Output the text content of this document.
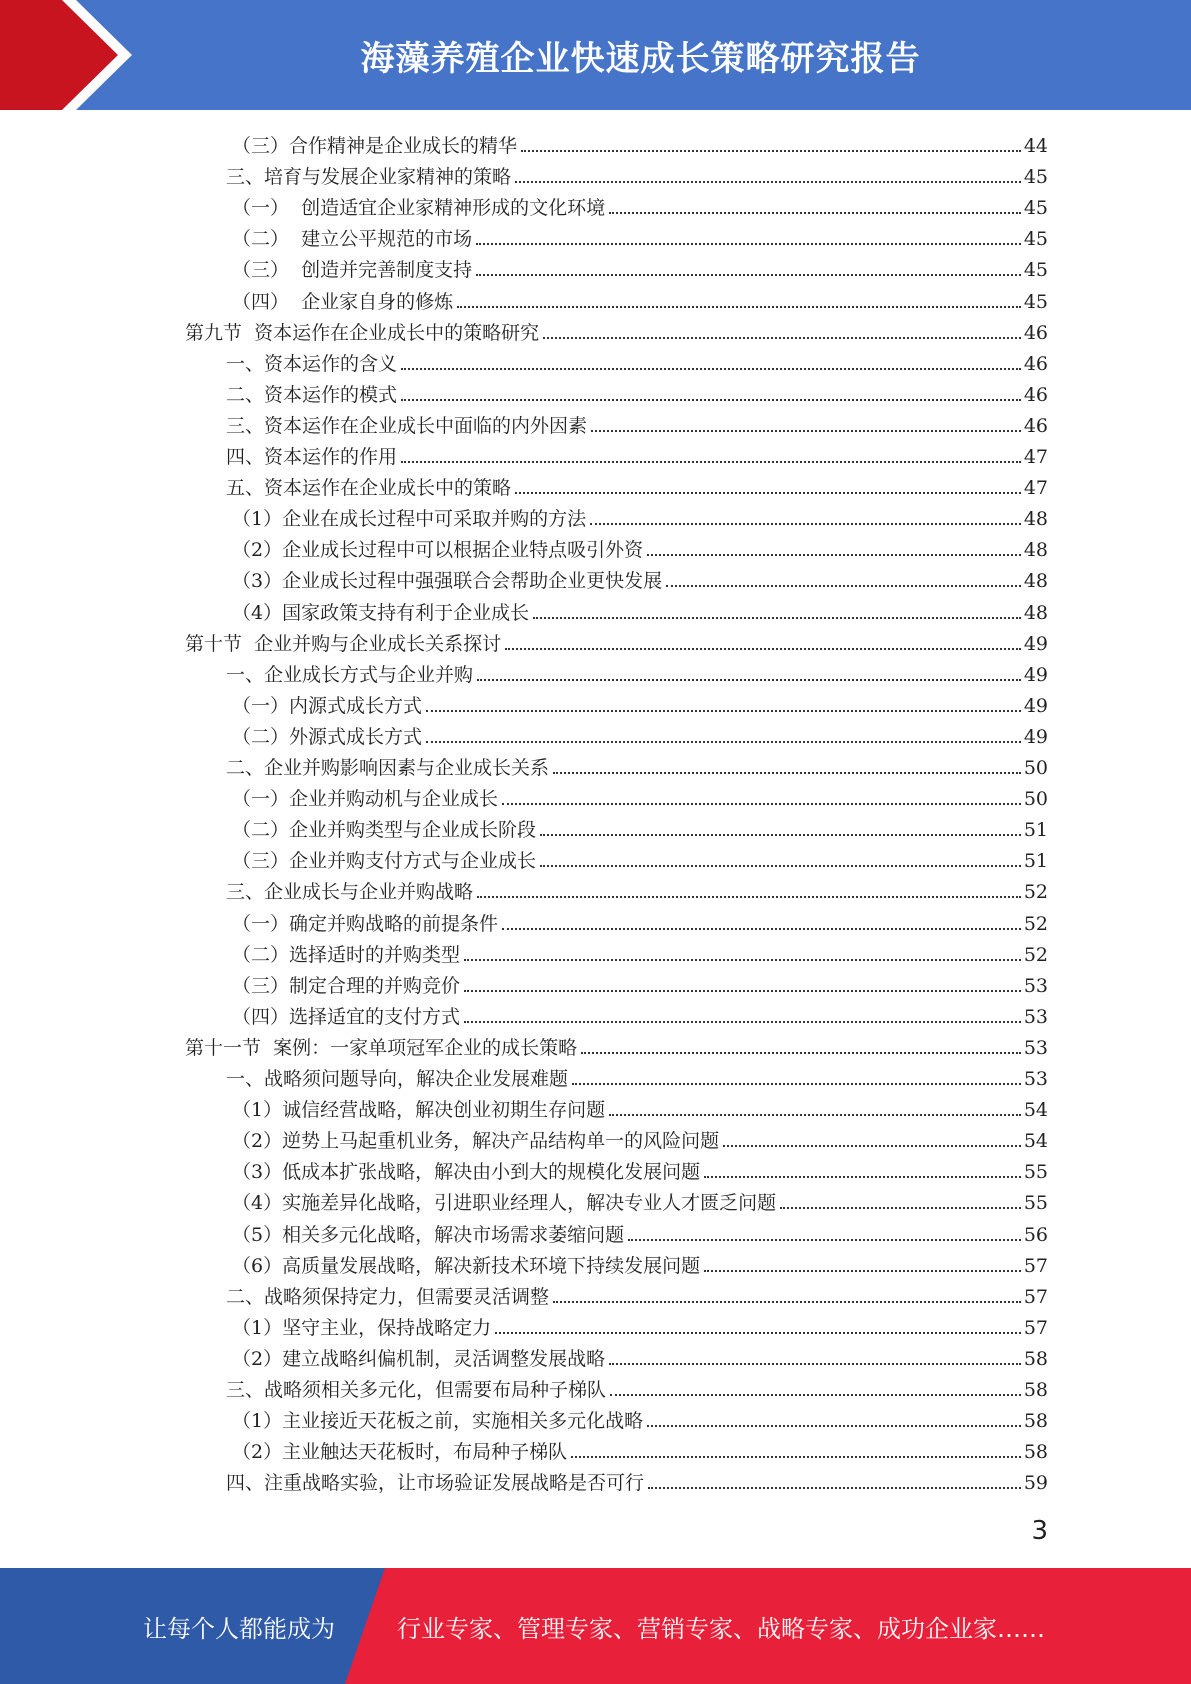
海藻养殖企业快速成长策略研究报告
（三）合作精神是企业成长的精华	44
三、培育与发展企业家精神的策略	45
（一）  创造适宜企业家精神形成的文化环境	45
（二）  建立公平规范的市场	45
（三）  创造并完善制度支持	45
（四）  企业家自身的修炼	45
第九节  资本运作在企业成长中的策略研究	46
一、资本运作的含义	46
二、资本运作的模式	46
三、资本运作在企业成长中面临的内外因素	46
四、资本运作的作用	47
五、资本运作在企业成长中的策略	47
（1）企业在成长过程中可采取并购的方法	48
（2）企业成长过程中可以根据企业特点吸引外资	48
（3）企业成长过程中强强联合会帮助企业更快发展	48
（4）国家政策支持有利于企业成长	48
第十节  企业并购与企业成长关系探讨	49
一、企业成长方式与企业并购	49
（一）内源式成长方式	49
（二）外源式成长方式	49
二、企业并购影响因素与企业成长关系	50
（一）企业并购动机与企业成长	50
（二）企业并购类型与企业成长阶段	51
（三）企业并购支付方式与企业成长	51
三、企业成长与企业并购战略	52
（一）确定并购战略的前提条件	52
（二）选择适时的并购类型	52
（三）制定合理的并购竞价	53
（四）选择适宜的支付方式	53
第十一节  案例：一家单项冠军企业的成长策略	53
一、战略须问题导向，解决企业发展难题	53
（1）诚信经营战略，解决创业初期生存问题	54
（2）逆势上马起重机业务，解决产品结构单一的风险问题	54
（3）低成本扩张战略，解决由小到大的规模化发展问题	55
（4）实施差异化战略，引进职业经理人，解决专业人才匮乏问题	55
（5）相关多元化战略，解决市场需求萎缩问题	56
（6）高质量发展战略，解决新技术环境下持续发展问题	57
二、战略须保持定力，但需要灵活调整	57
（1）坚守主业，保持战略定力	57
（2）建立战略纠偏机制，灵活调整发展战略	58
三、战略须相关多元化，但需要布局种子梯队	58
（1）主业接近天花板之前，实施相关多元化战略	58
（2）主业触达天花板时，布局种子梯队	58
四、注重战略实验，让市场验证发展战略是否可行	59
3
让每个人都能成为	行业专家、管理专家、营销专家、战略专家、成功企业家……
